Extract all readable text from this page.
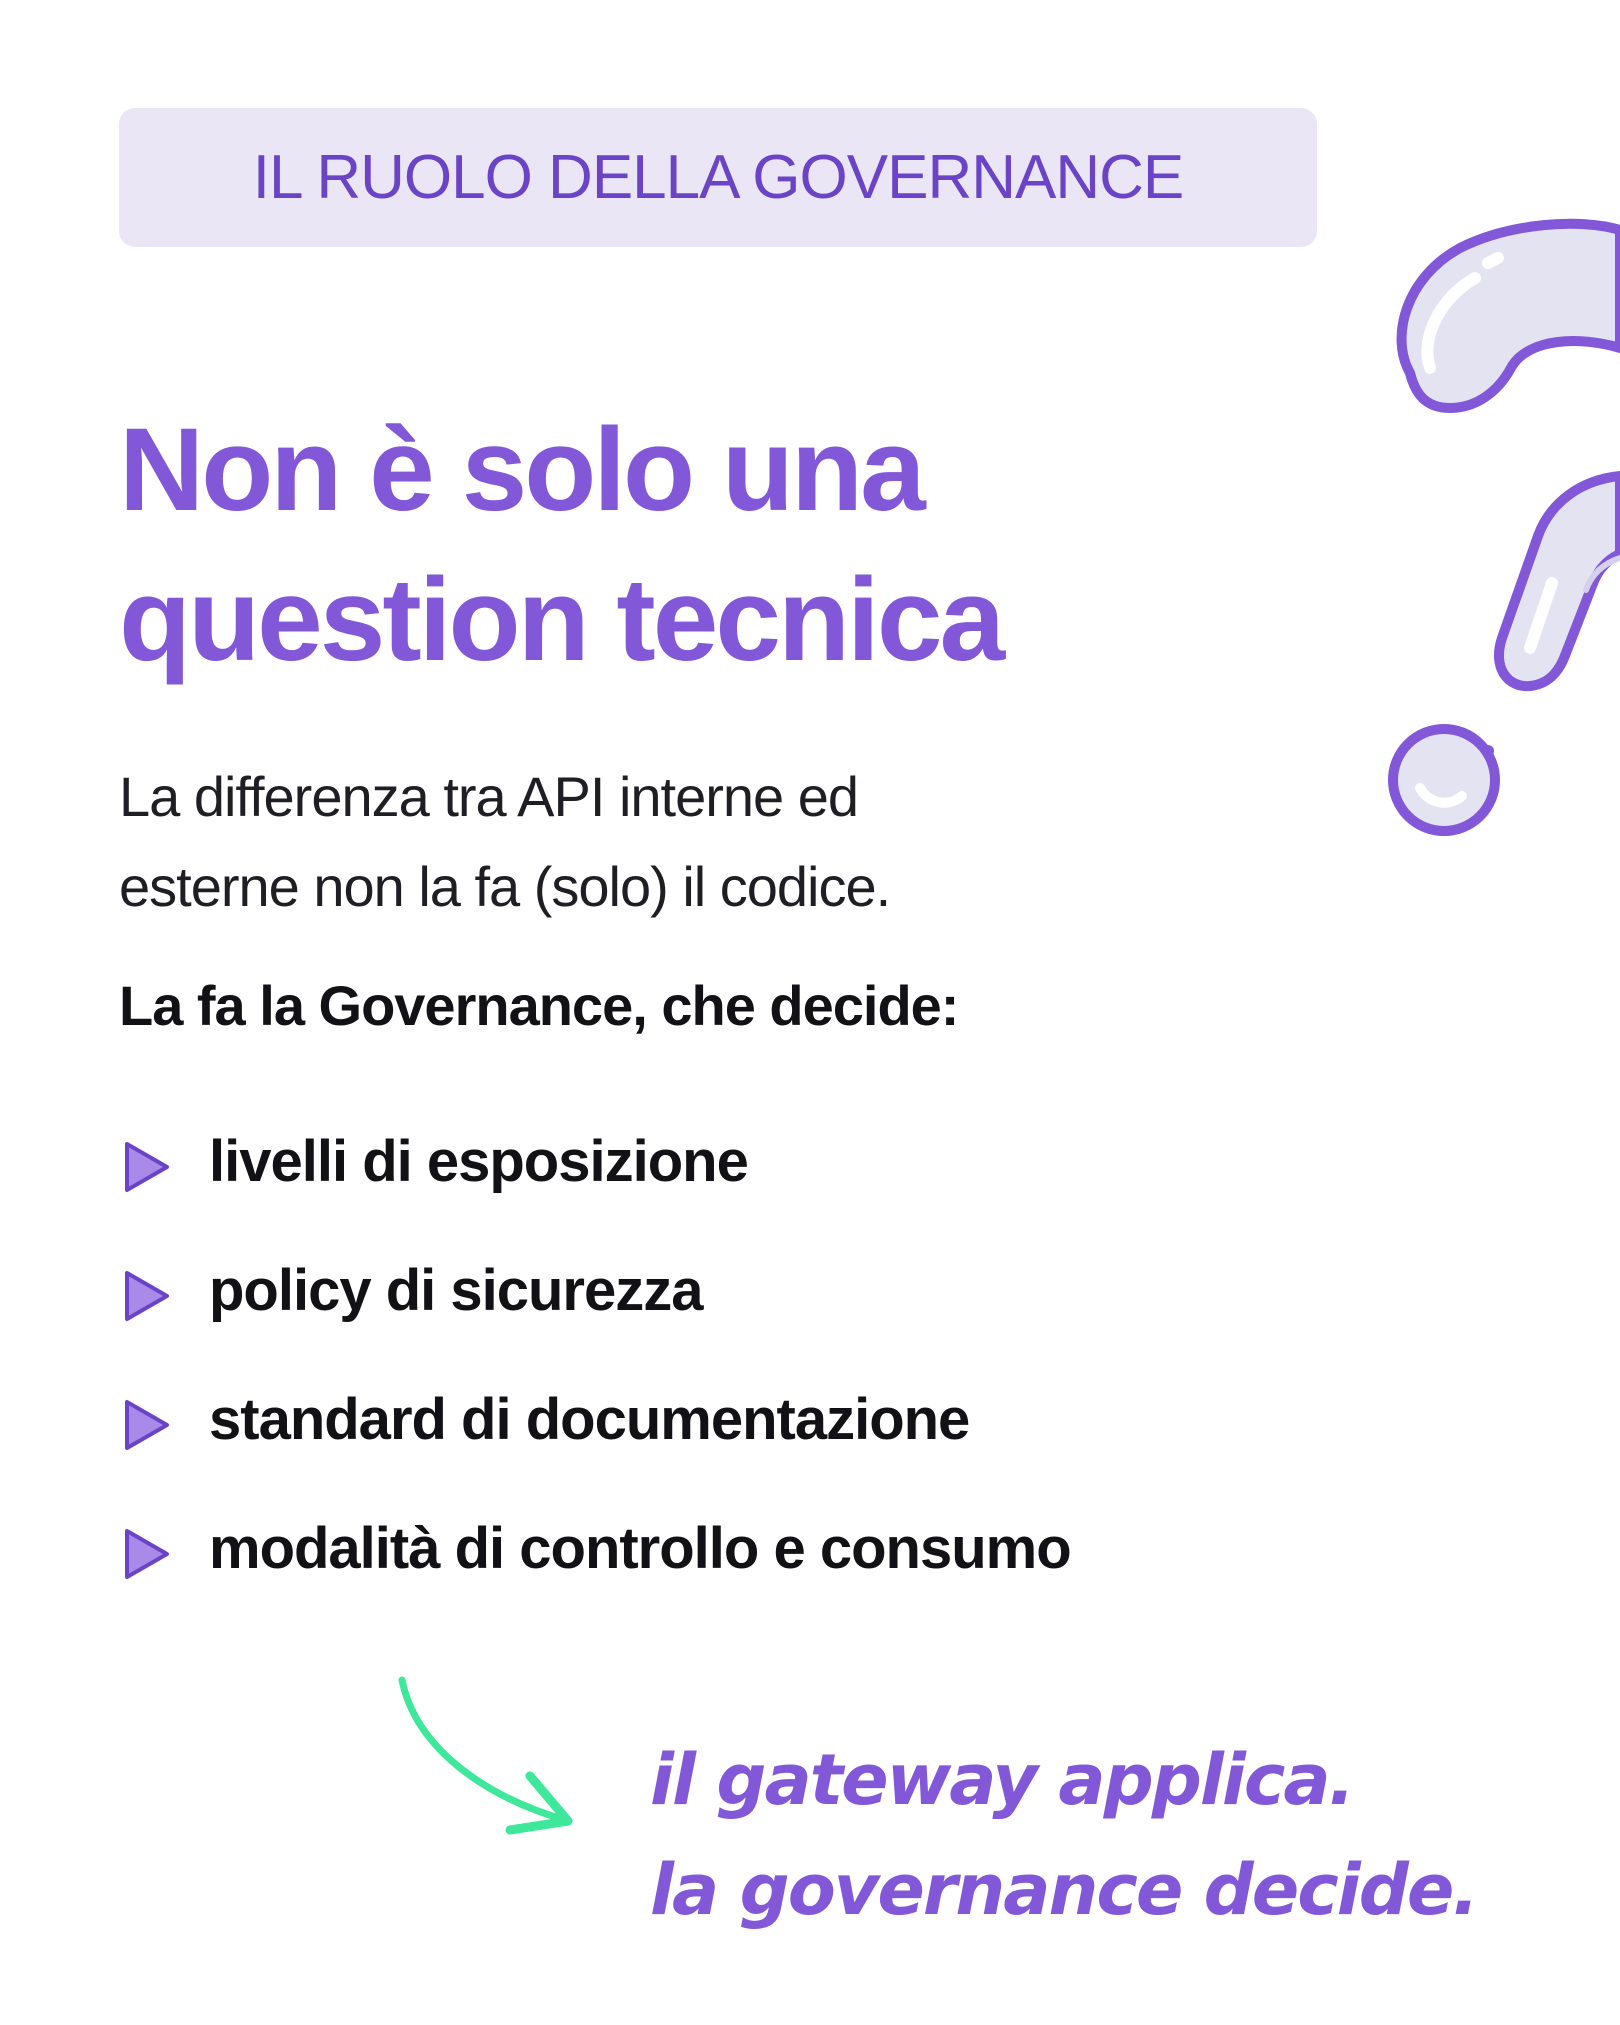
IL RUOLO DELLA GOVERNANCE
Non è solo una
question tecnica

La differenza tra API interne ed
esterne non la fa (solo) il codice.

La fa la Governance, che decide:

livelli di esposizione
policy di sicurezza
standard di documentazione
modalità di controllo e consumo

il gateway applica.
la governance decide.
